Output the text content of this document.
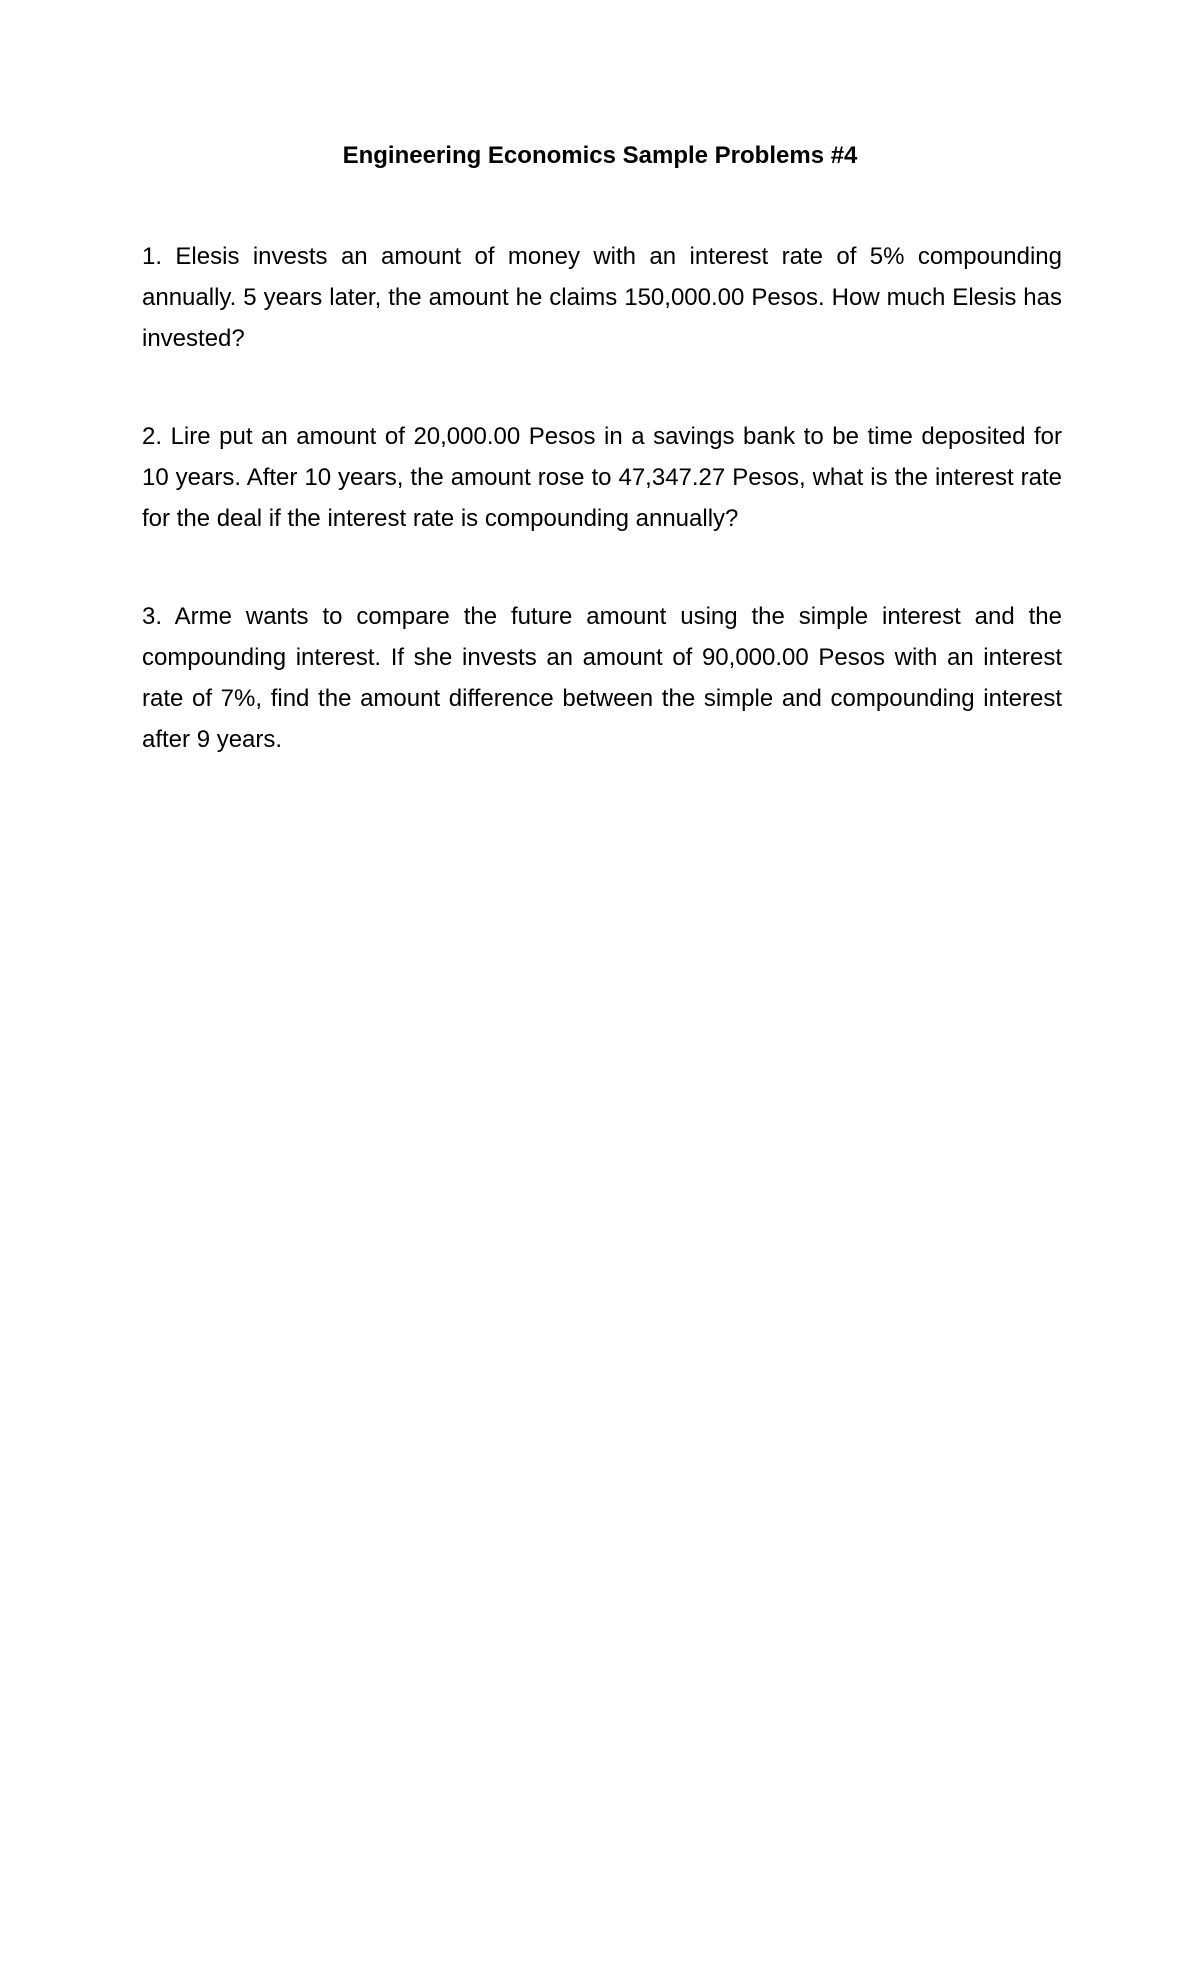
Engineering Economics Sample Problems #4

1. Elesis invests an amount of money with an interest rate of 5% compounding annually. 5 years later, the amount he claims 150,000.00 Pesos. How much Elesis has invested?

2. Lire put an amount of 20,000.00 Pesos in a savings bank to be time deposited for 10 years. After 10 years, the amount rose to 47,347.27 Pesos, what is the interest rate for the deal if the interest rate is compounding annually?

3. Arme wants to compare the future amount using the simple interest and the compounding interest. If she invests an amount of 90,000.00 Pesos with an interest rate of 7%, find the amount difference between the simple and compounding interest after 9 years.
